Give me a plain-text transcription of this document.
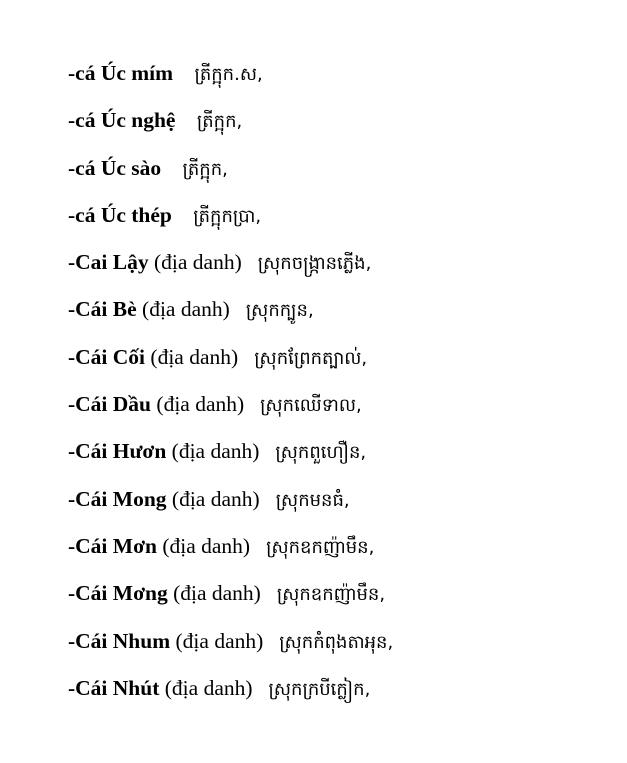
-cá Úc mím ត្រីក្អុក.ស,
-cá Úc nghệ ត្រីក្អុក,
-cá Úc sào ត្រីក្អុក,
-cá Úc thép ត្រីក្អុកប្រា,
-Cai Lậy (địa danh) ស្រុកចង្ក្រានភ្លើង,
-Cái Bè (địa danh) ស្រុកក្បូន,
-Cái Cối (địa danh) ស្រុកព្រែកត្បាល់,
-Cái Dầu (địa danh) ស្រុកឈើទាល,
-Cái Hươn (địa danh) ស្រុកពួហឿន,
-Cái Mong (địa danh) ស្រុកមនធំ,
-Cái Mơn (địa danh) ស្រុកឧកញ៉ាមឹន,
-Cái Mơng (địa danh) ស្រុកឧកញ៉ាមឹន,
-Cái Nhum (địa danh) ស្រុកកំពុងតាអុន,
-Cái Nhút (địa danh) ស្រុកក្របីក្លៀក,
